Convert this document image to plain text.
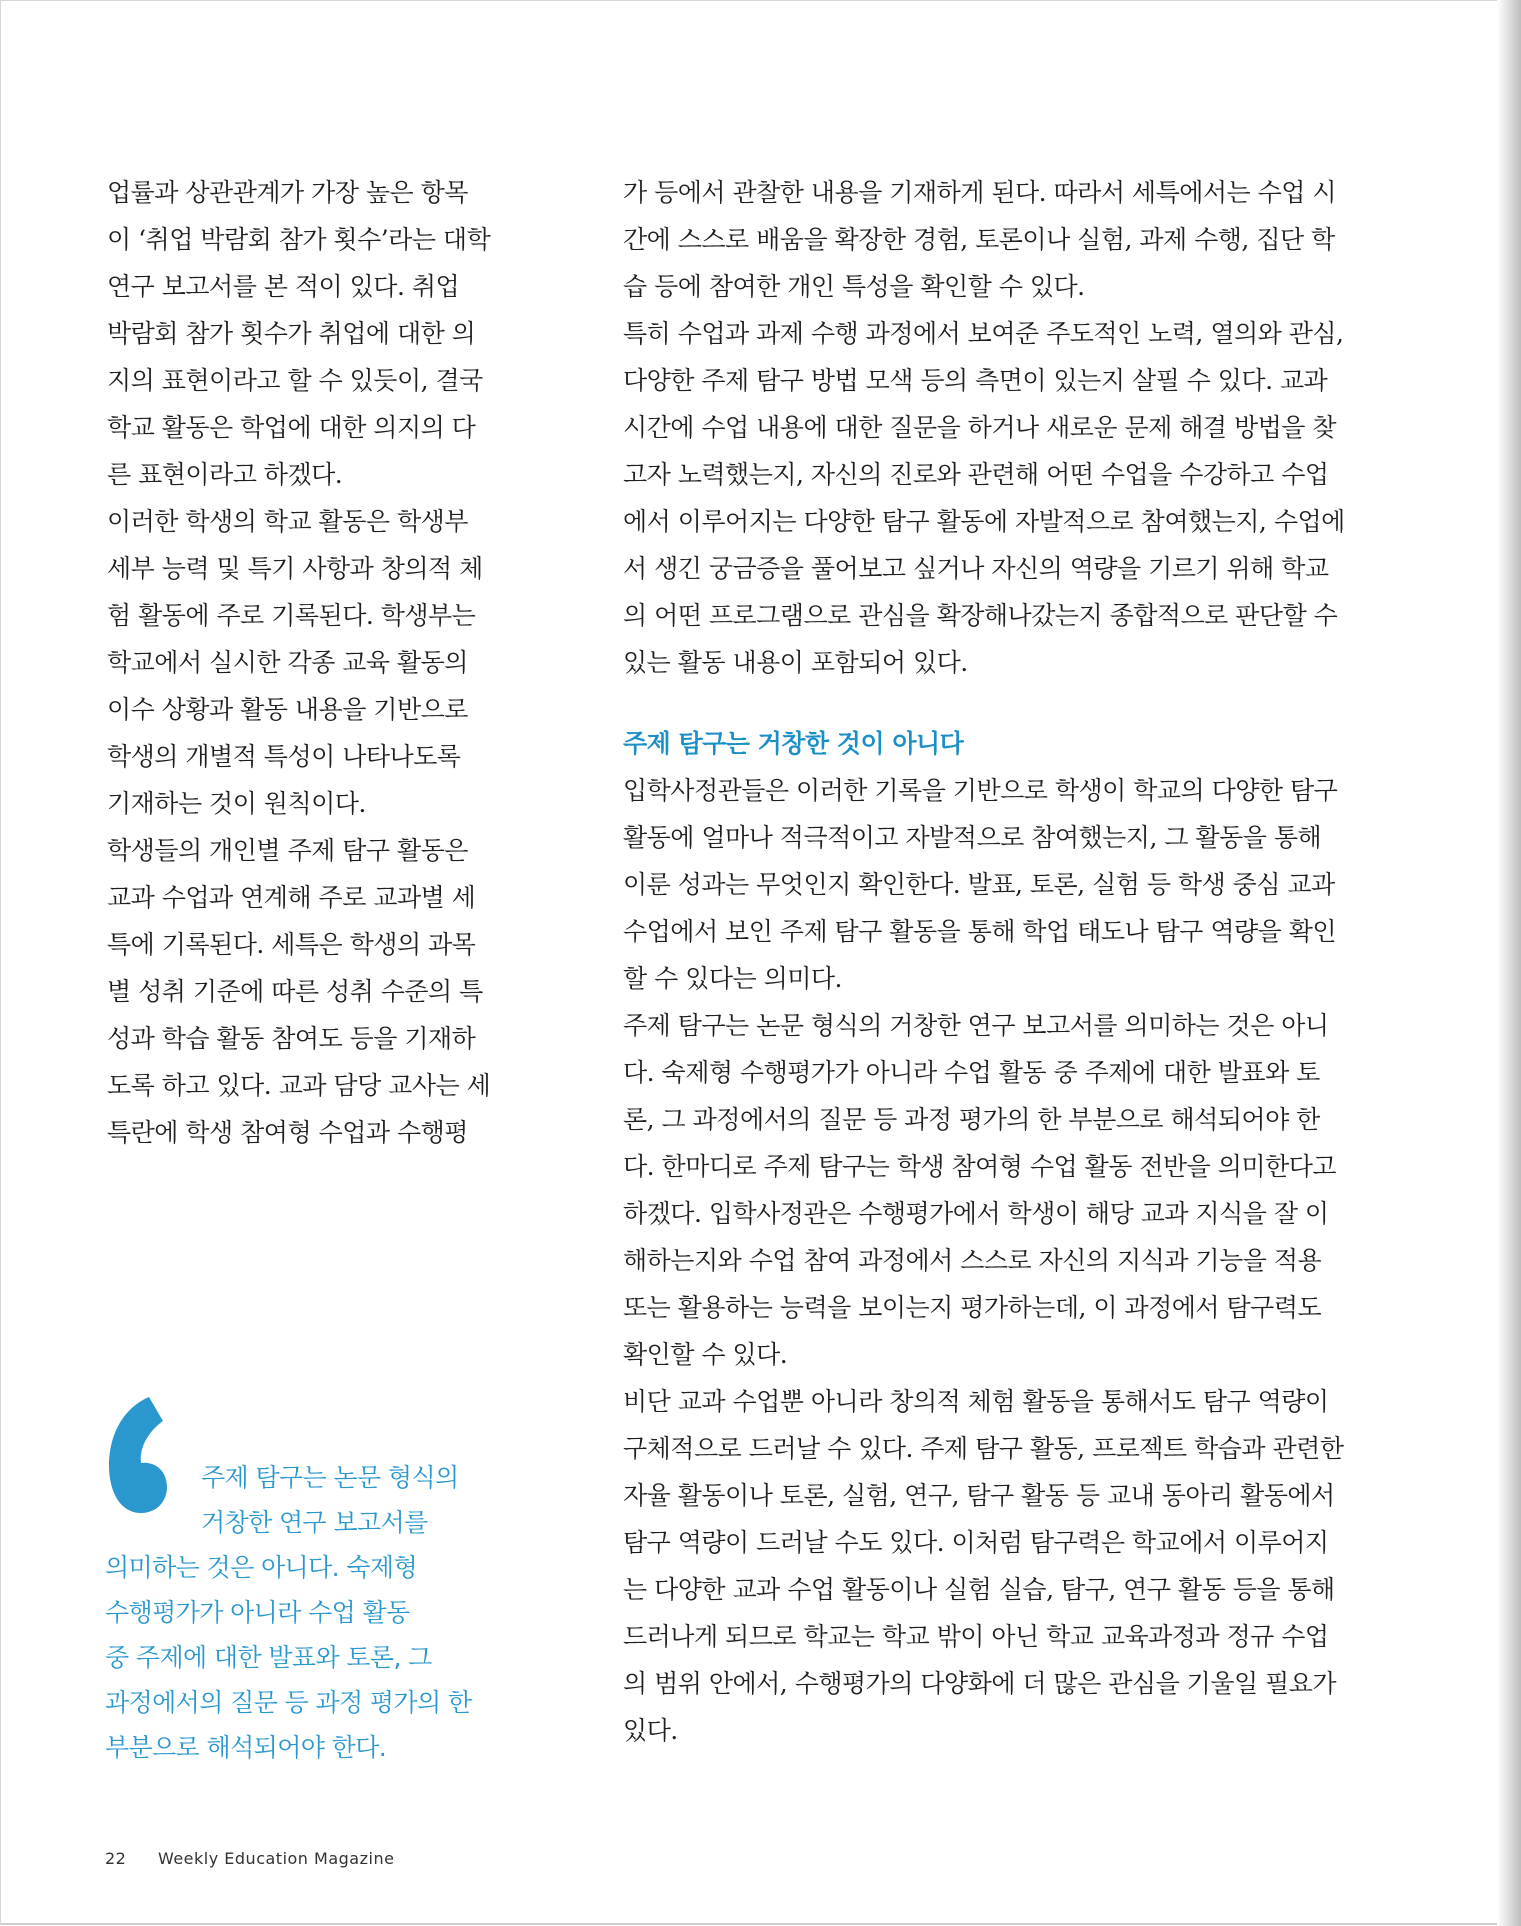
업률과 상관관계가 가장 높은 항목
이 ‘취업 박람회 참가 횟수’라는 대학
연구 보고서를 본 적이 있다. 취업
박람회 참가 횟수가 취업에 대한 의
지의 표현이라고 할 수 있듯이, 결국
학교 활동은 학업에 대한 의지의 다
른 표현이라고 하겠다.

이러한 학생의 학교 활동은 학생부
세부 능력 및 특기 사항과 창의적 체
험 활동에 주로 기록된다. 학생부는
학교에서 실시한 각종 교육 활동의
이수 상황과 활동 내용을 기반으로
학생의 개별적 특성이 나타나도록
기재하는 것이 원칙이다.

학생들의 개인별 주제 탐구 활동은
교과 수업과 연계해 주로 교과별 세
특에 기록된다. 세특은 학생의 과목
별 성취 기준에 따른 성취 수준의 특
성과 학습 활동 참여도 등을 기재하
도록 하고 있다. 교과 담당 교사는 세
특란에 학생 참여형 수업과 수행평

주제 탐구는 논문 형식의
거창한 연구 보고서를

의미하는 것은 아니다. 숙제형
수행평가가 아니라 수업 활동
중 주제에 대한 발표와 토론, 그
과정에서의 질문 등 과정 평가의 한
부분으로 해석되어야 한다.

가 등에서 관찰한 내용을 기재하게 된다. 따라서 세특에서는 수업 시
간에 스스로 배움을 확장한 경험, 토론이나 실험, 과제 수행, 집단 학
습 등에 참여한 개인 특성을 확인할 수 있다.

특히 수업과 과제 수행 과정에서 보여준 주도적인 노력, 열의와 관심,
다양한 주제 탐구 방법 모색 등의 측면이 있는지 살필 수 있다. 교과
시간에 수업 내용에 대한 질문을 하거나 새로운 문제 해결 방법을 찾
고자 노력했는지, 자신의 진로와 관련해 어떤 수업을 수강하고 수업
에서 이루어지는 다양한 탐구 활동에 자발적으로 참여했는지, 수업에
서 생긴 궁금증을 풀어보고 싶거나 자신의 역량을 기르기 위해 학교
의 어떤 프로그램으로 관심을 확장해나갔는지 종합적으로 판단할 수
있는 활동 내용이 포함되어 있다.

주제 탐구는 거창한 것이 아니다

입학사정관들은 이러한 기록을 기반으로 학생이 학교의 다양한 탐구
활동에 얼마나 적극적이고 자발적으로 참여했는지, 그 활동을 통해
이룬 성과는 무엇인지 확인한다. 발표, 토론, 실험 등 학생 중심 교과
수업에서 보인 주제 탐구 활동을 통해 학업 태도나 탐구 역량을 확인
할 수 있다는 의미다.

주제 탐구는 논문 형식의 거창한 연구 보고서를 의미하는 것은 아니
다. 숙제형 수행평가가 아니라 수업 활동 중 주제에 대한 발표와 토
론, 그 과정에서의 질문 등 과정 평가의 한 부분으로 해석되어야 한
다. 한마디로 주제 탐구는 학생 참여형 수업 활동 전반을 의미한다고
하겠다. 입학사정관은 수행평가에서 학생이 해당 교과 지식을 잘 이
해하는지와 수업 참여 과정에서 스스로 자신의 지식과 기능을 적용
또는 활용하는 능력을 보이는지 평가하는데, 이 과정에서 탐구력도
확인할 수 있다.

비단 교과 수업뿐 아니라 창의적 체험 활동을 통해서도 탐구 역량이
구체적으로 드러날 수 있다. 주제 탐구 활동, 프로젝트 학습과 관련한
자율 활동이나 토론, 실험, 연구, 탐구 활동 등 교내 동아리 활동에서
탐구 역량이 드러날 수도 있다. 이처럼 탐구력은 학교에서 이루어지
는 다양한 교과 수업 활동이나 실험 실습, 탐구, 연구 활동 등을 통해
드러나게 되므로 학교는 학교 밖이 아닌 학교 교육과정과 정규 수업
의 범위 안에서, 수행평가의 다양화에 더 많은 관심을 기울일 필요가
있다.

22 Weekly Education Magazine
